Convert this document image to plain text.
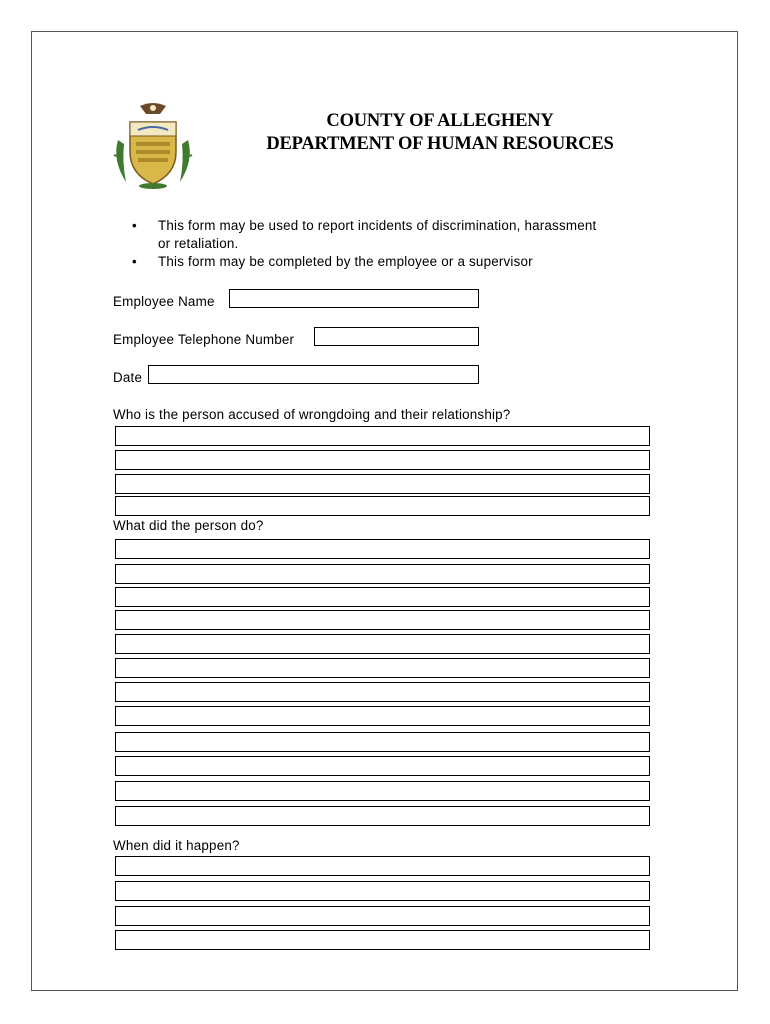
COUNTY OF ALLEGHENY
DEPARTMENT OF HUMAN RESOURCES
• This form may be used to report incidents of discrimination, harassment
or retaliation.
• This form may be completed by the employee or a supervisor
Employee Name
Employee Telephone Number
Date
Who is the person accused of wrongdoing and their relationship?
What did the person do?
When did it happen?
